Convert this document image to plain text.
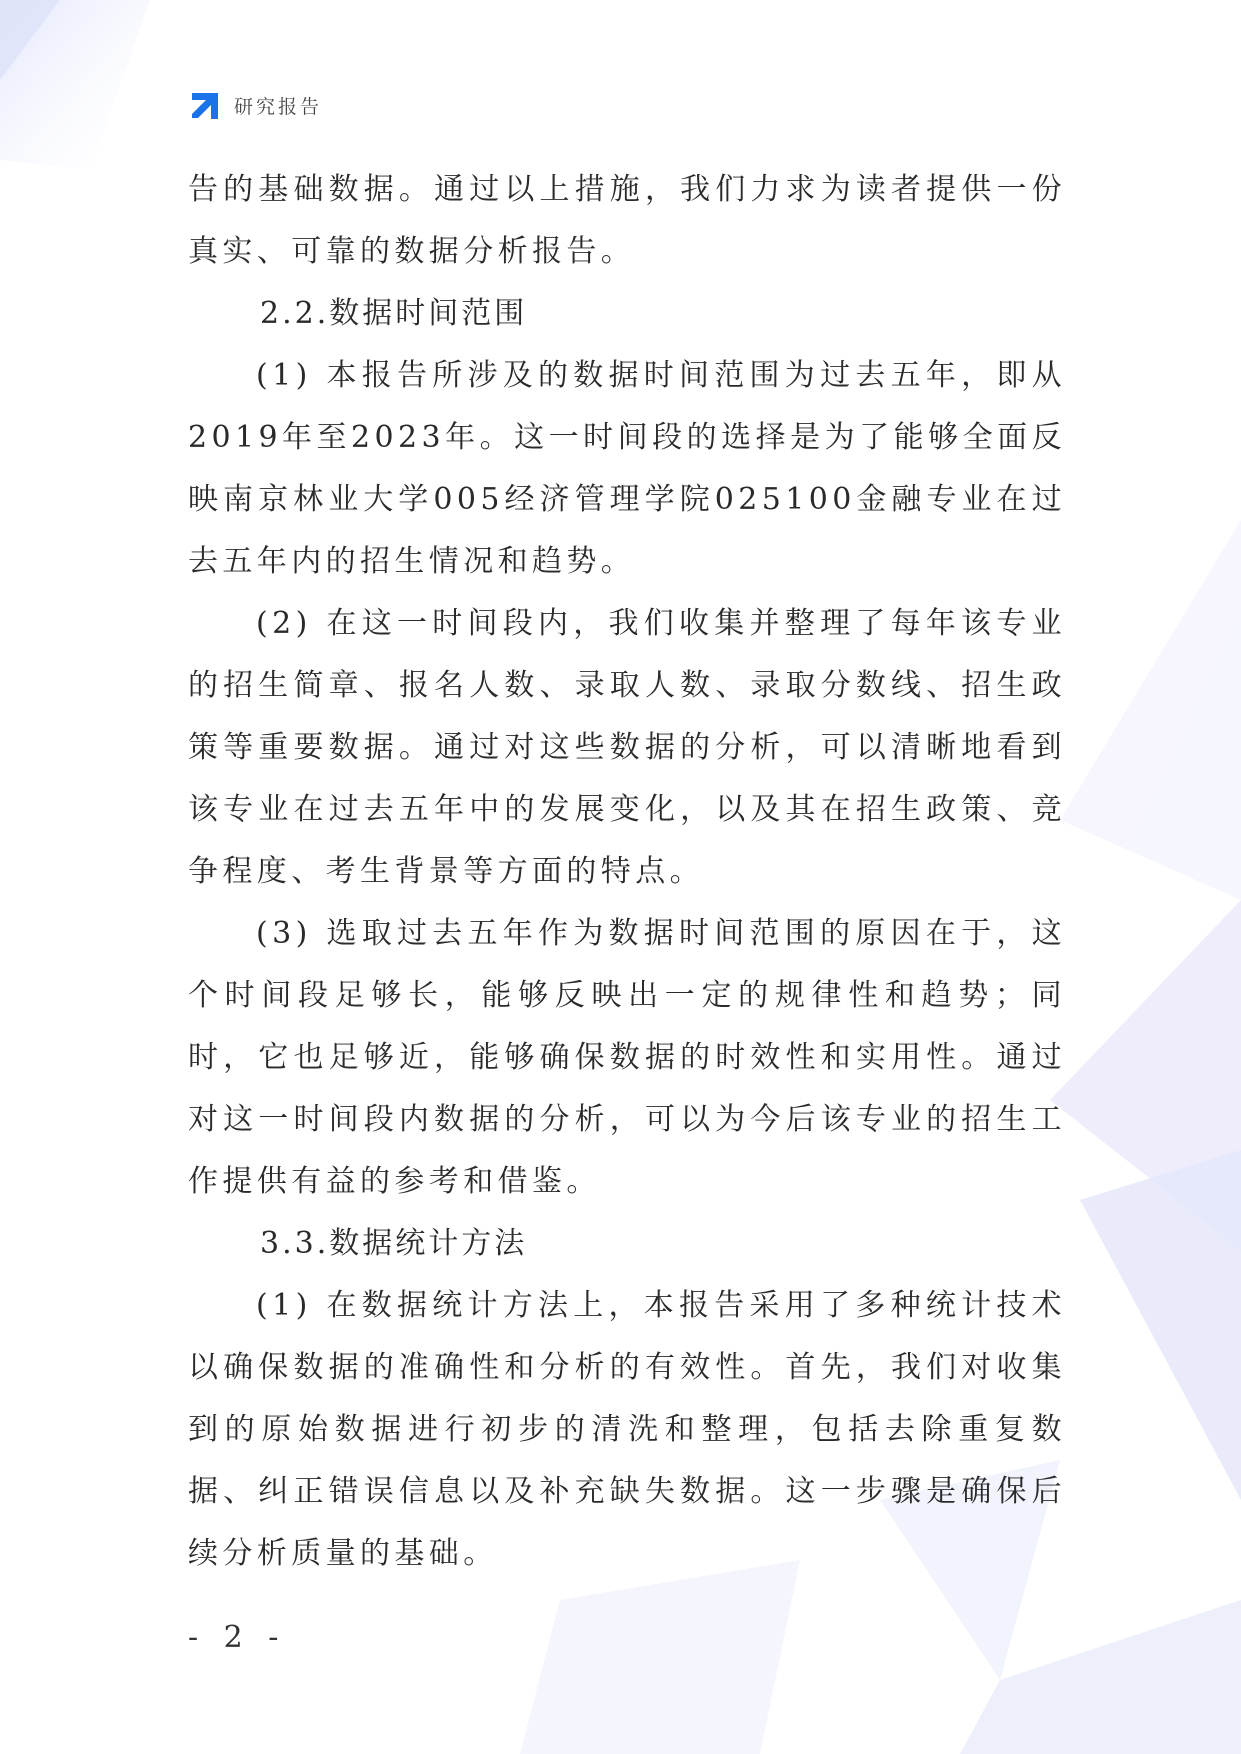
研究报告

告的基础数据。通过以上措施，我们力求为读者提供一份真实、可靠的数据分析报告。

2.2.数据时间范围

(1) 本报告所涉及的数据时间范围为过去五年，即从2019年至2023年。这一时间段的选择是为了能够全面反映南京林业大学005经济管理学院025100金融专业在过去五年内的招生情况和趋势。

(2) 在这一时间段内，我们收集并整理了每年该专业的招生简章、报名人数、录取人数、录取分数线、招生政策等重要数据。通过对这些数据的分析，可以清晰地看到该专业在过去五年中的发展变化，以及其在招生政策、竞争程度、考生背景等方面的特点。

(3) 选取过去五年作为数据时间范围的原因在于，这个时间段足够长，能够反映出一定的规律性和趋势；同时，它也足够近，能够确保数据的时效性和实用性。通过对这一时间段内数据的分析，可以为今后该专业的招生工作提供有益的参考和借鉴。

3.3.数据统计方法

(1) 在数据统计方法上，本报告采用了多种统计技术以确保数据的准确性和分析的有效性。首先，我们对收集到的原始数据进行初步的清洗和整理，包括去除重复数据、纠正错误信息以及补充缺失数据。这一步骤是确保后续分析质量的基础。

- 2 -
